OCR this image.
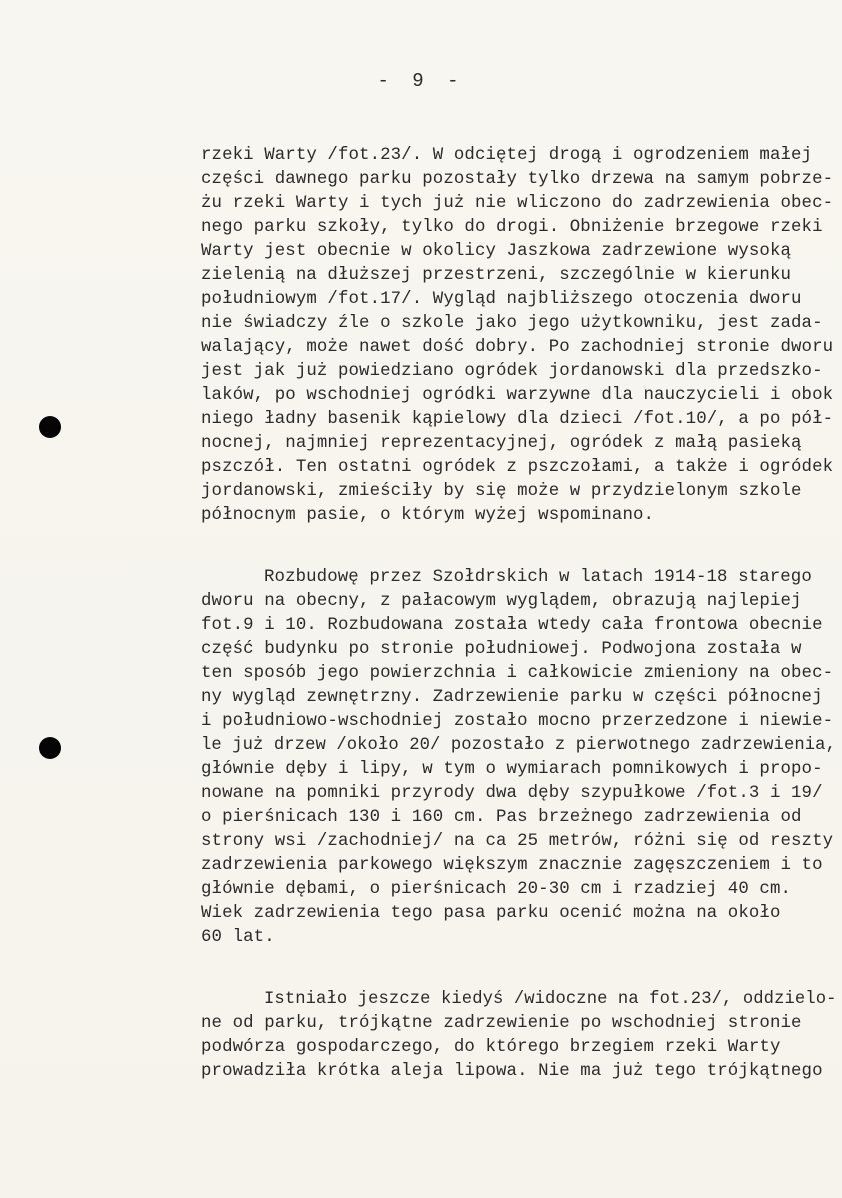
- 9 -
rzeki Warty /fot.23/. W odciętej drogą i ogrodzeniem małej
części dawnego parku pozostały tylko drzewa na samym pobrze-
żu rzeki Warty i tych już nie wliczono do zadrzewienia obec-
nego parku szkoły, tylko do drogi. Obniżenie brzegowe rzeki
Warty jest obecnie w okolicy Jaszkowa zadrzewione wysoką
zielenią na dłuższej przestrzeni, szczególnie w kierunku
południowym /fot.17/. Wygląd najbliższego otoczenia dworu
nie świadczy źle o szkole jako jego użytkowniku, jest zada-
walający, może nawet dość dobry. Po zachodniej stronie dworu
jest jak już powiedziano ogródek jordanowski dla przedszko-
laków, po wschodniej ogródki warzywne dla nauczycieli i obok
niego ładny basenik kąpielowy dla dzieci /fot.10/, a po pół-
nocnej, najmniej reprezentacyjnej, ogródek z małą pasieką
pszczół. Ten ostatni ogródek z pszczołami, a także i ogródek
jordanowski, zmieściły by się może w przydzielonym szkole
północnym pasie, o którym wyżej wspominano.
Rozbudowę przez Szołdrskich w latach 1914-18 starego
dworu na obecny, z pałacowym wyglądem, obrazują najlepiej
fot.9 i 10. Rozbudowana została wtedy cała frontowa obecnie
część budynku po stronie południowej. Podwojona została w
ten sposób jego powierzchnia i całkowicie zmieniony na obec-
ny wygląd zewnętrzny. Zadrzewienie parku w części północnej
i południowo-wschodniej zostało mocno przerzedzone i niewie-
le już drzew /około 20/ pozostało z pierwotnego zadrzewienia,
głównie dęby i lipy, w tym o wymiarach pomnikowych i propo-
nowane na pomniki przyrody dwa dęby szypułkowe /fot.3 i 19/
o pierśnicach 130 i 160 cm. Pas brzeżnego zadrzewienia od
strony wsi /zachodniej/ na ca 25 metrów, różni się od reszty
zadrzewienia parkowego większym znacznie zagęszczeniem i to
głównie dębami, o pierśnicach 20-30 cm i rzadziej 40 cm.
Wiek zadrzewienia tego pasa parku ocenić można na około
60 lat.
Istniało jeszcze kiedyś /widoczne na fot.23/, oddzielo-
ne od parku, trójkątne zadrzewienie po wschodniej stronie
podwórza gospodarczego, do którego brzegiem rzeki Warty
prowadziła krótka aleja lipowa. Nie ma już tego trójkątnego
